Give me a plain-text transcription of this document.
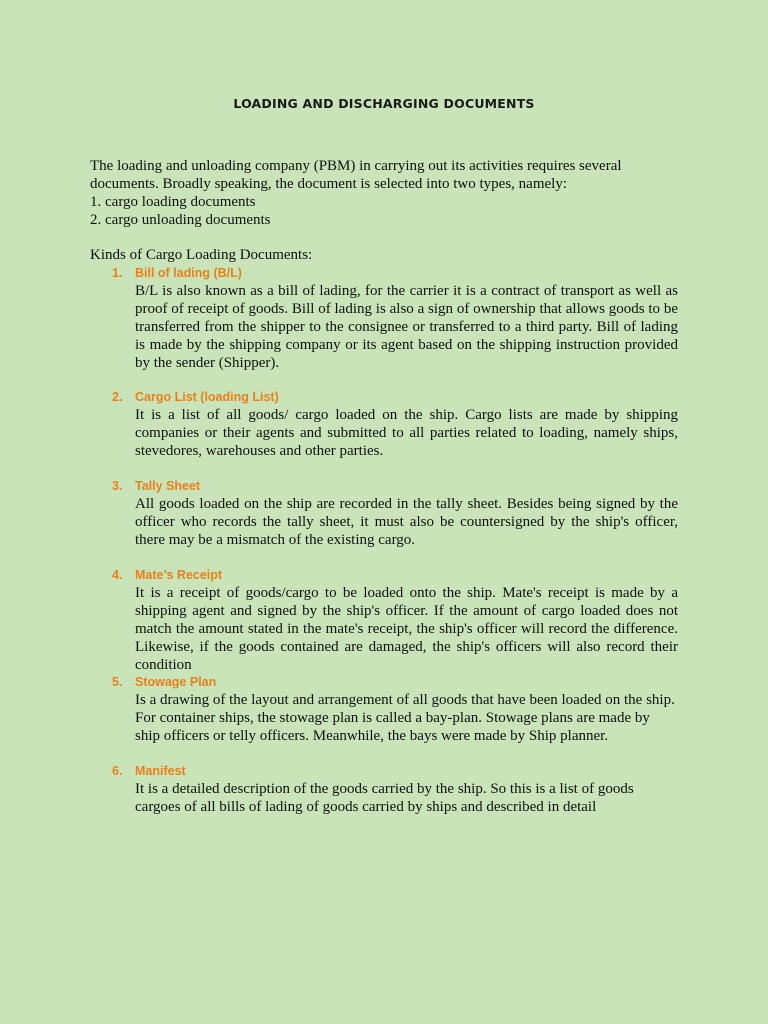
LOADING AND DISCHARGING DOCUMENTS

The loading and unloading company (PBM) in carrying out its activities requires several

documents. Broadly speaking, the document is selected into two types, namely:

1. cargo loading documents

2. cargo unloading documents

Kinds of Cargo Loading Documents:

1.	Bill of lading (B/L)
B/L is also known as a bill of lading, for the carrier it is a contract of transport as well as proof of receipt of goods. Bill of lading is also a sign of ownership that allows goods to be transferred from the shipper to the consignee or transferred to a third party. Bill of lading is made by the shipping company or its agent based on the shipping instruction provided by the sender (Shipper).
2.	Cargo List (loading List)
It is a list of all goods/ cargo loaded on the ship. Cargo lists are made by shipping companies or their agents and submitted to all parties related to loading, namely ships, stevedores, warehouses and other parties.
3.	Tally Sheet
All goods loaded on the ship are recorded in the tally sheet. Besides being signed by the officer who records the tally sheet, it must also be countersigned by the ship's officer, there may be a mismatch of the existing cargo.
4.	Mate’s Receipt
It is a receipt of goods/cargo to be loaded onto the ship. Mate's receipt is made by a shipping agent and signed by the ship's officer. If the amount of cargo loaded does not match the amount stated in the mate's receipt, the ship's officer will record the difference. Likewise, if the goods contained are damaged, the ship's officers will also record their condition
5.	Stowage Plan
Is a drawing of the layout and arrangement of all goods that have been loaded on the ship. For container ships, the stowage plan is called a bay-plan. Stowage plans are made by ship officers or telly officers. Meanwhile, the bays were made by Ship planner.
6.	Manifest
It is a detailed description of the goods carried by the ship. So this is a list of goods cargoes of all bills of lading of goods carried by ships and described in detail
